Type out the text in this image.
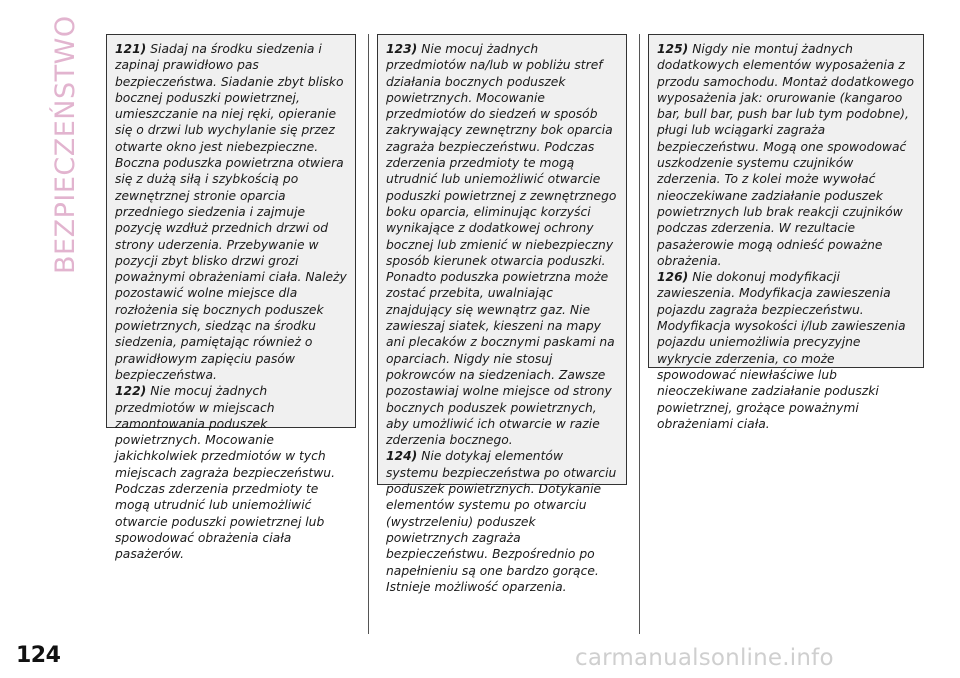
BEZPIECZEŃSTWO	121) Siadaj na środku siedzenia i zapinaj prawidłowo pas bezpieczeństwa. Siadanie zbyt blisko bocznej poduszki powietrznej, umieszczanie na niej ręki, opieranie się o drzwi lub wychylanie się przez otwarte okno jest niebezpieczne. Boczna poduszka powietrzna otwiera się z dużą siłą i szybkością po zewnętrznej stronie oparcia przedniego siedzenia i zajmuje pozycję wzdłuż przednich drzwi od strony uderzenia. Przebywanie w pozycji zbyt blisko drzwi grozi poważnymi obrażeniami ciała. Należy pozostawić wolne miejsce dla rozłożenia się bocznych poduszek powietrznych, siedząc na środku siedzenia, pamiętając również o prawidłowym zapięciu pasów bezpieczeństwa.

122) Nie mocuj żadnych przedmiotów w miejscach zamontowania poduszek powietrznych. Mocowanie jakichkolwiek przedmiotów w tych miejscach zagraża bezpieczeństwu. Podczas zderzenia przedmioty te mogą utrudnić lub uniemożliwić otwarcie poduszki powietrznej lub spowodować obrażenia ciała pasażerów.

123) Nie mocuj żadnych przedmiotów na/lub w pobliżu stref działania bocznych poduszek powietrznych. Mocowanie przedmiotów do siedzeń w sposób zakrywający zewnętrzny bok oparcia zagraża bezpieczeństwu. Podczas zderzenia przedmioty te mogą utrudnić lub uniemożliwić otwarcie poduszki powietrznej z zewnętrznego boku oparcia, eliminując korzyści wynikające z dodatkowej ochrony bocznej lub zmienić w niebezpieczny sposób kierunek otwarcia poduszki. Ponadto poduszka powietrzna może zostać przebita, uwalniając znajdujący się wewnątrz gaz. Nie zawieszaj siatek, kieszeni na mapy ani plecaków z bocznymi paskami na oparciach. Nigdy nie stosuj pokrowców na siedzeniach. Zawsze pozostawiaj wolne miejsce od strony bocznych poduszek powietrznych, aby umożliwić ich otwarcie w razie zderzenia bocznego.

124) Nie dotykaj elementów systemu bezpieczeństwa po otwarciu poduszek powietrznych. Dotykanie elementów systemu po otwarciu (wystrzeleniu) poduszek powietrznych zagraża bezpieczeństwu. Bezpośrednio po napełnieniu są one bardzo gorące. Istnieje możliwość oparzenia.

125) Nigdy nie montuj żadnych dodatkowych elementów wyposażenia z przodu samochodu. Montaż dodatkowego wyposażenia jak: orurowanie (kangaroo bar, bull bar, push bar lub tym podobne), pługi lub wciągarki zagraża bezpieczeństwu. Mogą one spowodować uszkodzenie systemu czujników zderzenia. To z kolei może wywołać nieoczekiwane zadziałanie poduszek powietrznych lub brak reakcji czujników podczas zderzenia. W rezultacie pasażerowie mogą odnieść poważne obrażenia.

126) Nie dokonuj modyfikacji zawieszenia. Modyfikacja zawieszenia pojazdu zagraża bezpieczeństwu. Modyfikacja wysokości i/lub zawieszenia pojazdu uniemożliwia precyzyjne wykrycie zderzenia, co może spowodować niewłaściwe lub nieoczekiwane zadziałanie poduszki powietrznej, grożące poważnymi obrażeniami ciała.

124	carmanualsonline.info
